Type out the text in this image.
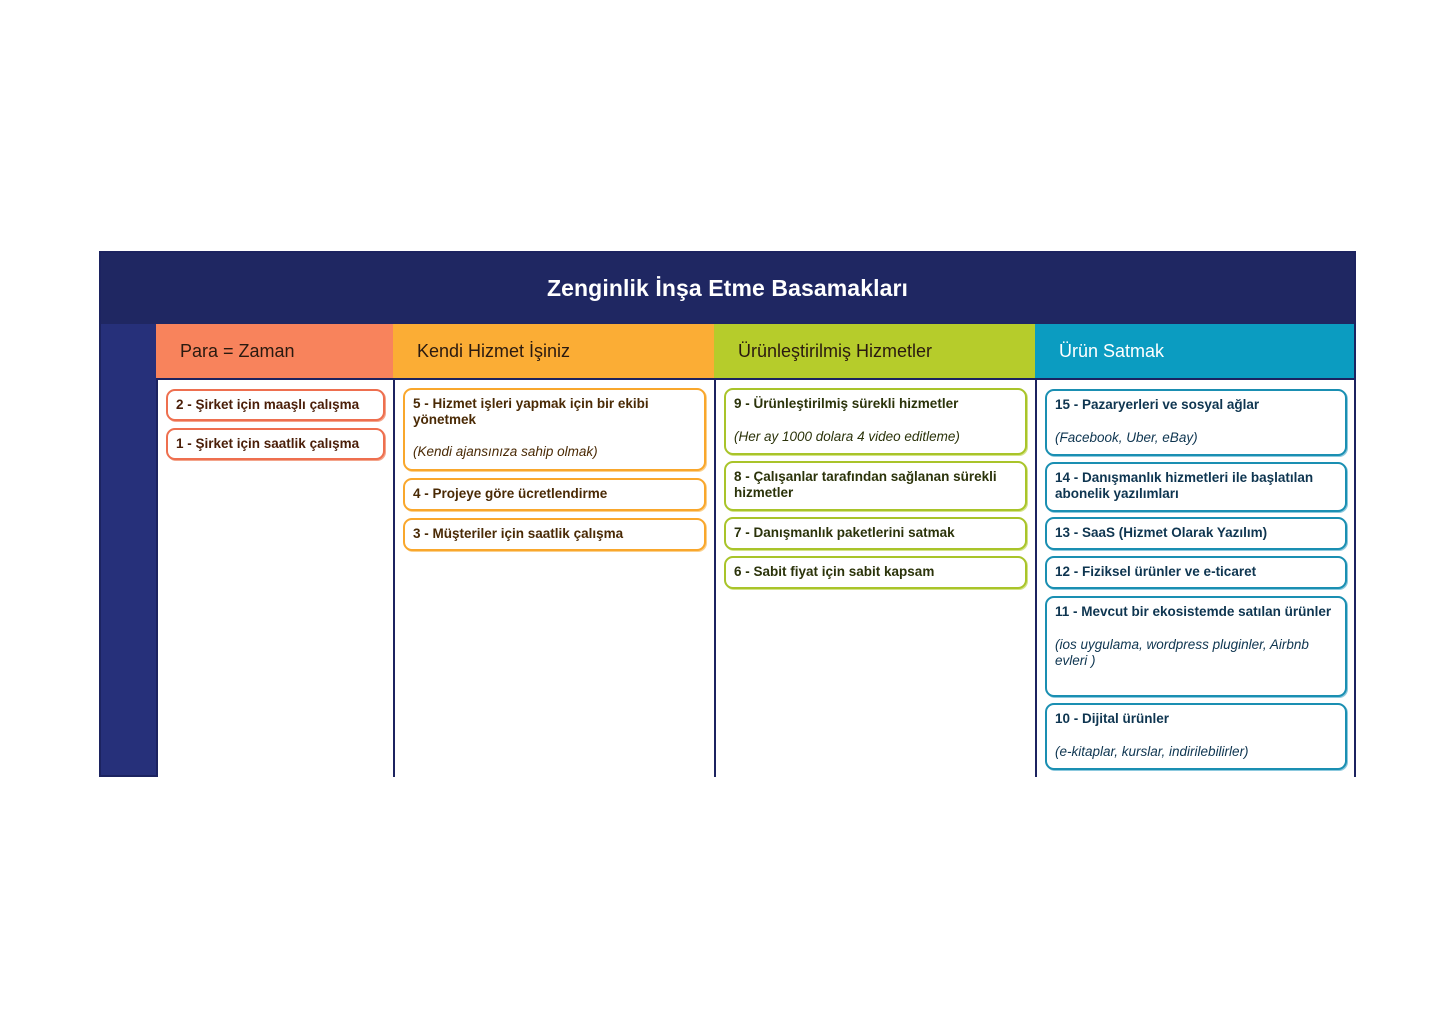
Zenginlik İnşa Etme Basamakları
Para = Zaman
2 - Şirket için maaşlı çalışma
1 - Şirket için saatlik çalışma
Kendi Hizmet İşiniz
5 - Hizmet işleri yapmak için bir ekibi yönetmek
(Kendi ajansınıza sahip olmak)
4 - Projeye göre ücretlendirme
3 - Müşteriler için saatlik çalışma
Ürünleştirilmiş Hizmetler
9 - Ürünleştirilmiş sürekli hizmetler
(Her ay 1000 dolara 4 video editleme)
8 - Çalışanlar tarafından sağlanan sürekli hizmetler
7 - Danışmanlık paketlerini satmak
6 - Sabit fiyat için sabit kapsam
Ürün Satmak
15 - Pazaryerleri ve sosyal ağlar
(Facebook, Uber, eBay)
14 - Danışmanlık hizmetleri ile başlatılan abonelik yazılımları
13 - SaaS (Hizmet Olarak Yazılım)
12 - Fiziksel ürünler ve e-ticaret
11 - Mevcut bir ekosistemde satılan ürünler
(ios uygulama, wordpress pluginler, Airbnb evleri )
10 - Dijital ürünler
(e-kitaplar, kurslar, indirilebilirler)
